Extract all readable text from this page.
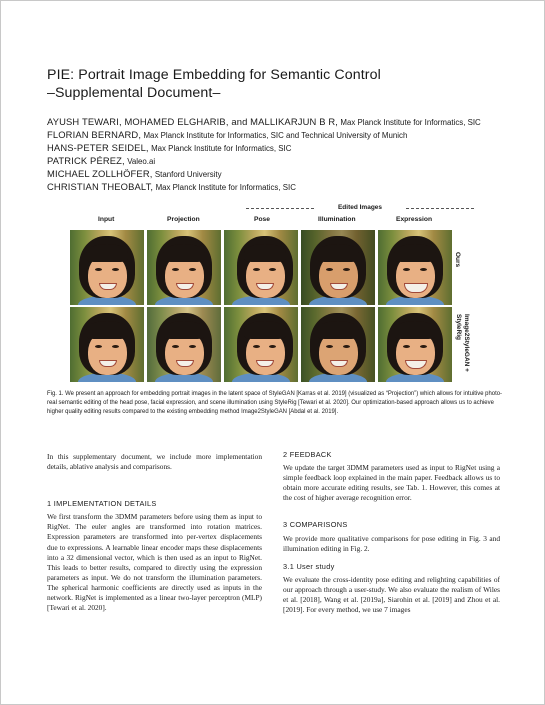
PIE: Portrait Image Embedding for Semantic Control
–Supplemental Document–
AYUSH TEWARI, MOHAMED ELGHARIB, and MALLIKARJUN B R, Max Planck Institute for Informatics, SIC
FLORIAN BERNARD, Max Planck Institute for Informatics, SIC and Technical University of Munich
HANS-PETER SEIDEL, Max Planck Institute for Informatics, SIC
PATRICK PÉREZ, Valeo.ai
MICHAEL ZOLLHÖFER, Stanford University
CHRISTIAN THEOBALT, Max Planck Institute for Informatics, SIC
Edited Images
Input	Projection	Pose	Illumination	Expression
Ours
Image2StyleGAN + StyleRig
Fig. 1. We present an approach for embedding portrait images in the latent space of StyleGAN [Karras et al. 2019] (visualized as “Projection”) which allows for intuitive photo-real semantic editing of the head pose, facial expression, and scene illumination using StyleRig [Tewari et al. 2020]. Our optimization-based approach allows us to achieve higher quality editing results compared to the existing embedding method Image2StyleGAN [Abdal et al. 2019].

In this supplementary document, we include more implementation details, ablative analysis and comparisons.

1 IMPLEMENTATION DETAILS

We first transform the 3DMM parameters before using them as input to RigNet. The euler angles are transformed into rotation matrices. Expression parameters are transformed into per-vertex displacements due to expressions. A learnable linear encoder maps these displacements into a 32 dimensional vector, which is then used as an input to RigNet. This leads to better results, compared to directly using the expression parameters as input. We do not transform the illumination parameters. The spherical harmonic coefficients are directly used as inputs in the network. RigNet is implemented as a linear two-layer perceptron (MLP) [Tewari et al. 2020].

2 FEEDBACK

We update the target 3DMM parameters used as input to RigNet using a simple feedback loop explained in the main paper. Feedback allows us to obtain more accurate editing results, see Tab. 1. However, this comes at the cost of higher average recognition error.

3 COMPARISONS

We provide more qualitative comparisons for pose editing in Fig. 3 and illumination editing in Fig. 2.

3.1 User study

We evaluate the cross-identity pose editing and relighting capabilities of our approach through a user-study. We also evaluate the realism of Wiles et al. [2018], Wang et al. [2019a], Siarohin et al. [2019] and Zhou et al. [2019]. For every method, we use 7 images
